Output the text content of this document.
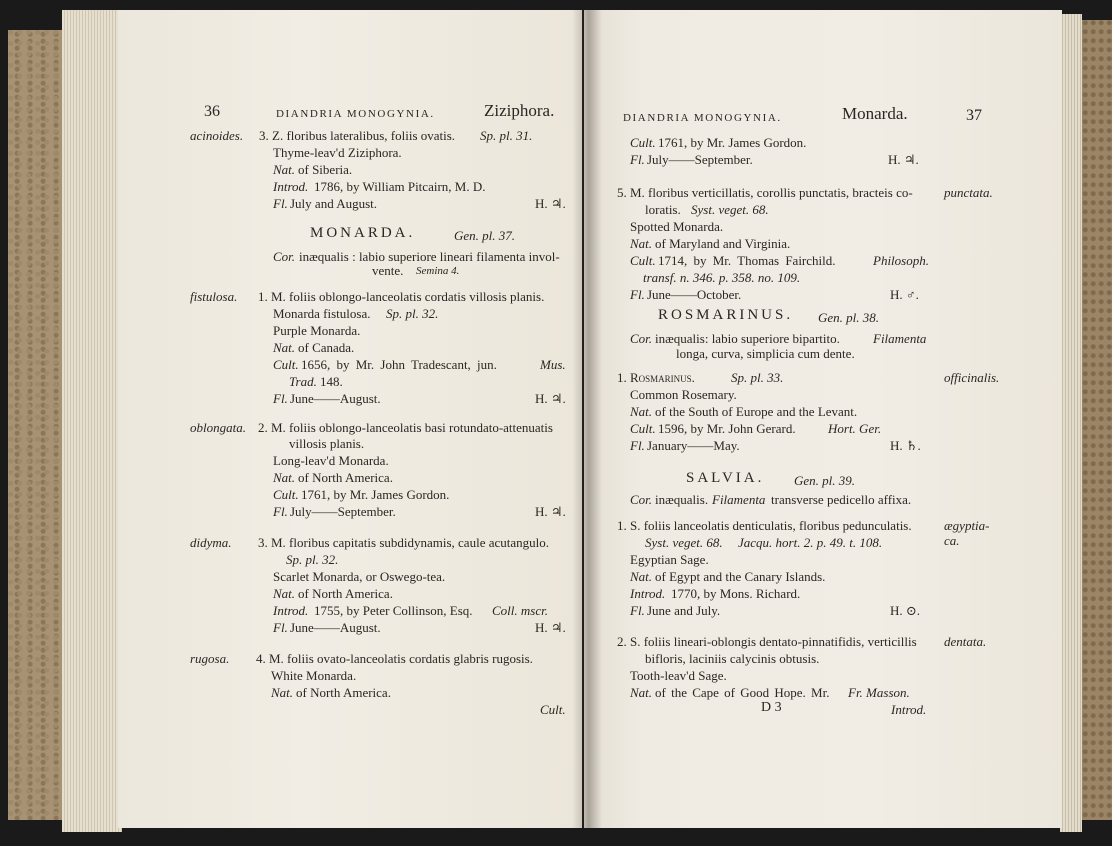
36	DIANDRIA MONOGYNIA.	Ziziphora.
acinoides. 3. Z. floribus lateralibus, foliis ovatis. Sp. pl. 31.
Thyme-leav'd Ziziphora.
Nat. of Siberia.
Introd. 1786, by William Pitcairn, M. D.
Fl. July and August.	H. ♃.
MONARDA.	Gen. pl. 37.
Cor. inæqualis : labio superiore lineari filamenta invol-
vente. Semina 4.
fistulosa. 1. M. foliis oblongo-lanceolatis cordatis villosis planis.
Monarda fistulosa. Sp. pl. 32.
Purple Monarda.
Nat. of Canada.
Cult. 1656, by Mr. John Tradescant, jun.	Mus.
Trad. 148.
Fl. June——August.	H. ♃.
oblongata. 2. M. foliis oblongo-lanceolatis basi rotundato-attenuatis
villosis planis.
Long-leav'd Monarda.
Nat. of North America.
Cult. 1761, by Mr. James Gordon.
Fl. July——September.	H. ♃.
didyma. 3. M. floribus capitatis subdidynamis, caule acutangulo.
Sp. pl. 32.
Scarlet Monarda, or Oswego-tea.
Nat. of North America.
Introd. 1755, by Peter Collinson, Esq. Coll. mscr.
Fl. June——August.	H. ♃.
rugosa. 4. M. foliis ovato-lanceolatis cordatis glabris rugosis.
White Monarda.
Nat. of North America.
Cult.
DIANDRIA MONOGYNIA.	Monarda.	37
Cult. 1761, by Mr. James Gordon.
Fl. July——September.	H. ♃.
5. M. floribus verticillatis, corollis punctatis, bracteis co- punctata.
loratis. Syst. veget. 68.
Spotted Monarda.
Nat. of Maryland and Virginia.
Cult. 1714, by Mr. Thomas Fairchild.	Philosoph.
transf. n. 346. p. 358. no. 109.
Fl. June——October.	H. ♂.
ROSMARINUS. Gen. pl. 38.
Cor. inæqualis: labio superiore bipartito.	Filamenta
longa, curva, simplicia cum dente.
1. Rosmarinus.	Sp. pl. 33.	officinalis.
Common Rosemary.
Nat. of the South of Europe and the Levant.
Cult. 1596, by Mr. John Gerard. Hort. Ger.
Fl. January——May.	H. ♄.
SALVIA. Gen. pl. 39.
Cor. inæqualis. Filamenta transverse pedicello affixa.
1. S. foliis lanceolatis denticulatis, floribus pedunculatis. ægyptia-
ca.
Syst. veget. 68. Jacqu. hort. 2. p. 49. t. 108.
Egyptian Sage.
Nat. of Egypt and the Canary Islands.
Introd. 1770, by Mons. Richard.
Fl. June and July.	H. ⊙.
2. S. foliis lineari-oblongis dentato-pinnatifidis, verticillis dentata.
bifloris, laciniis calycinis obtusis.
Tooth-leav'd Sage.
Nat. of the Cape of Good Hope. Mr. Fr. Masson.
D 3	Introd.
